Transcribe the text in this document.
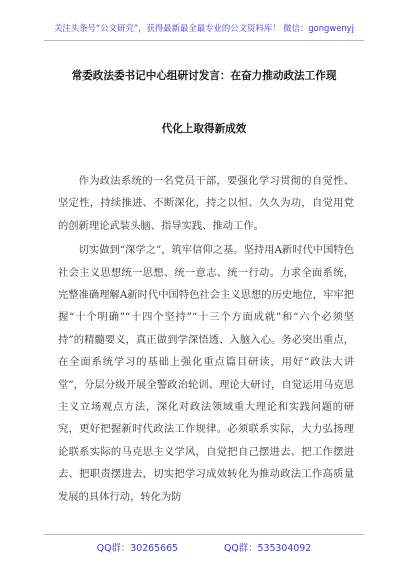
关注头条号“公文研究”，获得最新最全最专业的公文资料库！ 微信：gongwenyj
常委政法委书记中心组研讨发言：在奋力推动政法工作现
代化上取得新成效

作为政法系统的一名党员干部，要强化学习贯彻的自觉性、坚定性，持续推进、不断深化，持之以恒、久久为功，自觉用党的创新理论武装头脑、指导实践、推动工作。

切实做到“深学之”，筑牢信仰之基。坚持用A新时代中国特色社会主义思想统一思想、统一意志、统一行动。力求全面系统，完整准确理解A新时代中国特色社会主义思想的历史地位，牢牢把握“十个明确”“十四个坚持”“十三个方面成就”和“六个必须坚持”的精髓要义，真正做到学深悟透、入脑入心。务必突出重点，在全面系统学习的基础上强化重点篇目研读，用好“政法大讲堂”，分层分级开展全警政治轮训、理论大研讨，自觉运用马克思主义立场观点方法，深化对政法领域重大理论和实践问题的研究，更好把握新时代政法工作规律。必须联系实际，大力弘扬理论联系实际的马克思主义学风，自觉把自己摆进去、把工作摆进去、把职责摆进去，切实把学习成效转化为推动政法工作高质量发展的具体行动，转化为防

QQ群：30265665	QQ群：535304092
